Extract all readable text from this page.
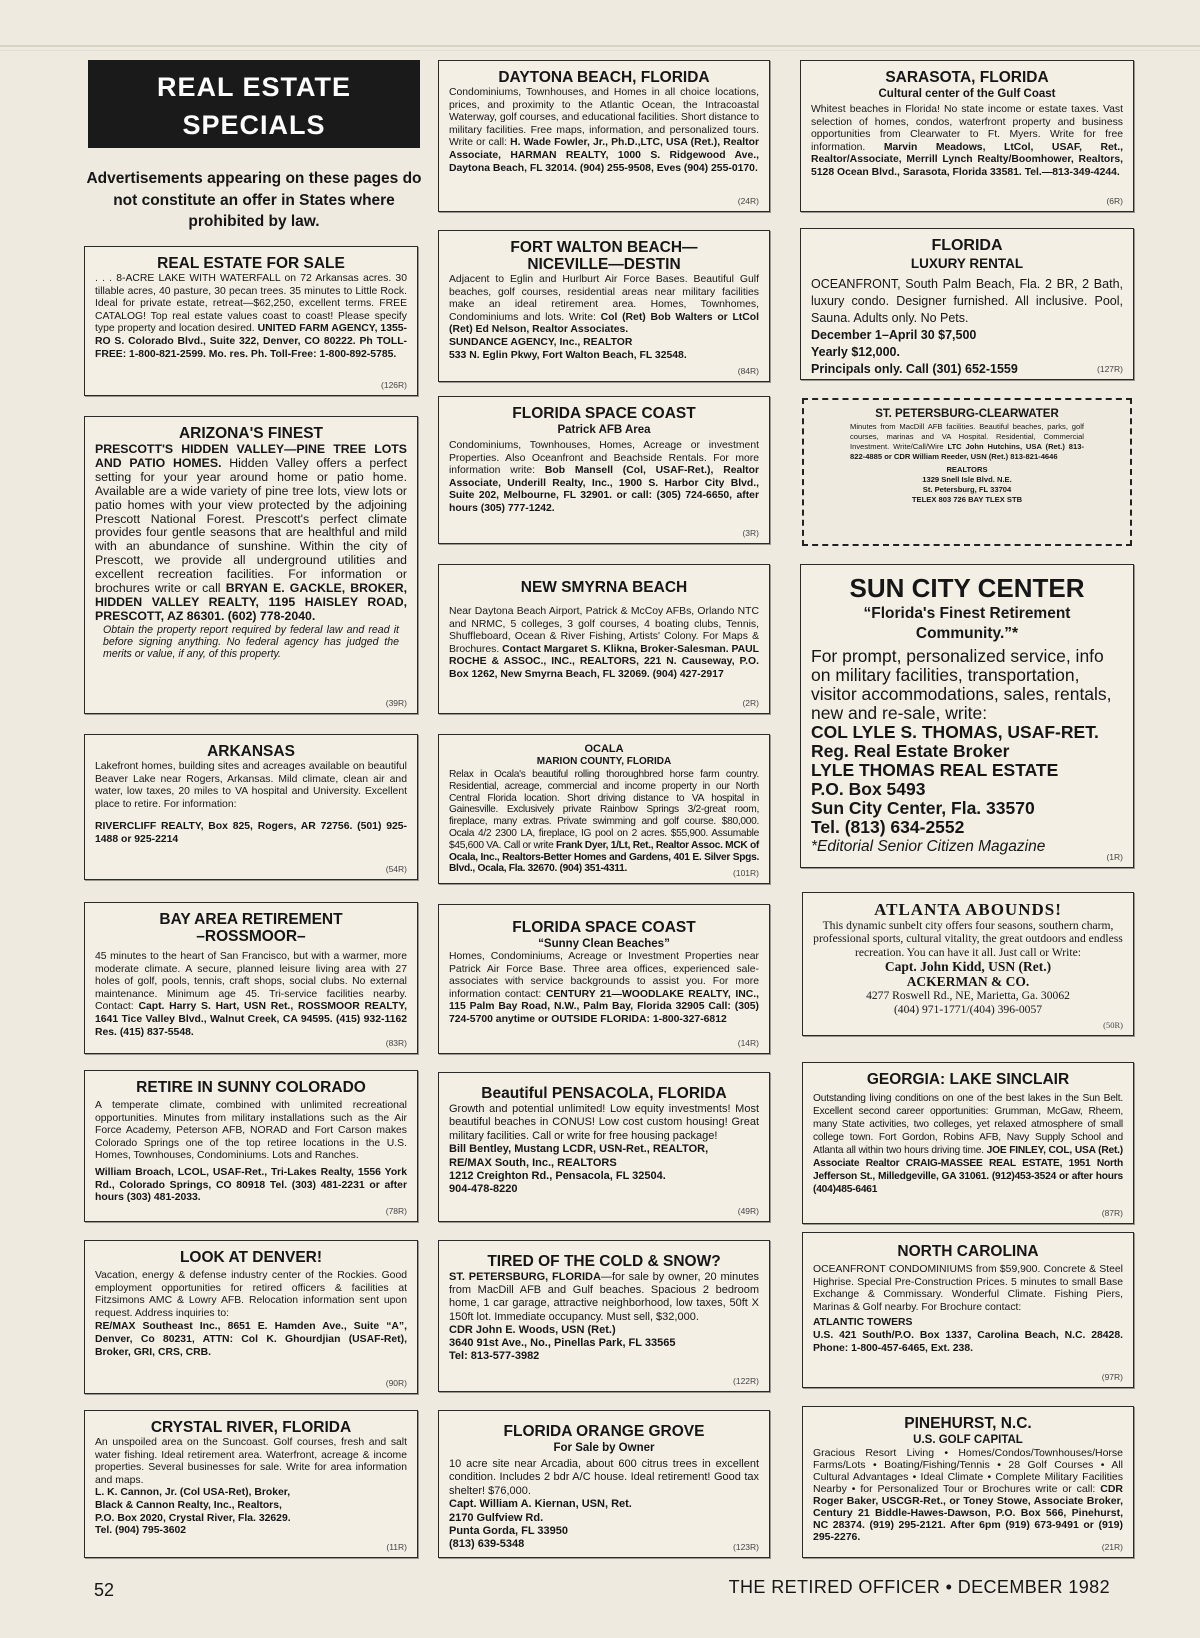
REAL ESTATE
SPECIALS
Advertisements appearing on these pages do not constitute an offer in States where prohibited by law.
REAL ESTATE FOR SALE
. . . 8-ACRE LAKE WITH WATERFALL on 72 Arkansas acres. 30 tillable acres, 40 pasture, 30 pecan trees. 35 minutes to Little Rock. Ideal for private estate, retreat—$62,250, excellent terms. FREE CATALOG! Top real estate values coast to coast! Please specify type property and location desired. UNITED FARM AGENCY, 1355-RO S. Colorado Blvd., Suite 322, Denver, CO 80222. Ph TOLL-FREE: 1-800-821-2599. Mo. res. Ph. Toll-Free: 1-800-892-5785.
(126R)
ARIZONA'S FINEST
PRESCOTT'S HIDDEN VALLEY—PINE TREE LOTS AND PATIO HOMES. Hidden Valley offers a perfect setting for your year around home or patio home. Available are a wide variety of pine tree lots, view lots or patio homes with your view protected by the adjoining Prescott National Forest. Prescott's perfect climate provides four gentle seasons that are healthful and mild with an abundance of sunshine. Within the city of Prescott, we provide all underground utilities and excellent recreation facilities. For information or brochures write or call BRYAN E. GACKLE, BROKER, HIDDEN VALLEY REALTY, 1195 HAISLEY ROAD, PRESCOTT, AZ 86301. (602) 778-2040.
Obtain the property report required by federal law and read it before signing anything. No federal agency has judged the merits or value, if any, of this property.
(39R)
ARKANSAS
Lakefront homes, building sites and acreages available on beautiful Beaver Lake near Rogers, Arkansas. Mild climate, clean air and water, low taxes, 20 miles to VA hospital and University. Excellent place to retire. For information:
RIVERCLIFF REALTY, Box 825, Rogers, AR 72756. (501) 925-1488 or 925-2214
(54R)
BAY AREA RETIREMENT
–ROSSMOOR–
45 minutes to the heart of San Francisco, but with a warmer, more moderate climate. A secure, planned leisure living area with 27 holes of golf, pools, tennis, craft shops, social clubs. No external maintenance. Minimum age 45. Tri-service facilities nearby. Contact: Capt. Harry S. Hart, USN Ret., ROSSMOOR REALTY, 1641 Tice Valley Blvd., Walnut Creek, CA 94595. (415) 932-1162 Res. (415) 837-5548.
(83R)
RETIRE IN SUNNY COLORADO
A temperate climate, combined with unlimited recreational opportunities. Minutes from military installations such as the Air Force Academy, Peterson AFB, NORAD and Fort Carson makes Colorado Springs one of the top retiree locations in the U.S. Homes, Townhouses, Condominiums. Lots and Ranches.
William Broach, LCOL, USAF-Ret., Tri-Lakes Realty, 1556 York Rd., Colorado Springs, CO 80918 Tel. (303) 481-2231 or after hours (303) 481-2033.
(78R)
LOOK AT DENVER!
Vacation, energy & defense industry center of the Rockies. Good employment opportunities for retired officers & facilities at Fitzsimons AMC & Lowry AFB. Relocation information sent upon request. Address inquiries to:
RE/MAX Southeast Inc., 8651 E. Hamden Ave., Suite “A”, Denver, Co 80231, ATTN: Col K. Ghourdjian (USAF-Ret), Broker, GRI, CRS, CRB.
(90R)
CRYSTAL RIVER, FLORIDA
An unspoiled area on the Suncoast. Golf courses, fresh and salt water fishing. Ideal retirement area. Waterfront, acreage & income properties. Several businesses for sale. Write for area information and maps.
L. K. Cannon, Jr. (Col USA-Ret), Broker,
Black & Cannon Realty, Inc., Realtors,
P.O. Box 2020, Crystal River, Fla. 32629.
Tel. (904) 795-3602
(11R)
DAYTONA BEACH, FLORIDA
Condominiums, Townhouses, and Homes in all choice locations, prices, and proximity to the Atlantic Ocean, the Intracoastal Waterway, golf courses, and educational facilities. Short distance to military facilities. Free maps, information, and personalized tours. Write or call: H. Wade Fowler, Jr., Ph.D.,LTC, USA (Ret.), Realtor Associate, HARMAN REALTY, 1000 S. Ridgewood Ave., Daytona Beach, FL 32014. (904) 255-9508, Eves (904) 255-0170.
(24R)
FORT WALTON BEACH—
NICEVILLE—DESTIN
Adjacent to Eglin and Hurlburt Air Force Bases. Beautiful Gulf beaches, golf courses, residential areas near military facilities make an ideal retirement area. Homes, Townhomes, Condominiums and lots. Write: Col (Ret) Bob Walters or LtCol (Ret) Ed Nelson, Realtor Associates.
SUNDANCE AGENCY, Inc., REALTOR
533 N. Eglin Pkwy, Fort Walton Beach, FL 32548.
(84R)
FLORIDA SPACE COAST
Patrick AFB Area
Condominiums, Townhouses, Homes, Acreage or investment Properties. Also Oceanfront and Beachside Rentals. For more information write: Bob Mansell (Col, USAF-Ret.), Realtor Associate, Underill Realty, Inc., 1900 S. Harbor City Blvd., Suite 202, Melbourne, FL 32901. or call: (305) 724-6650, after hours (305) 777-1242.
(3R)
NEW SMYRNA BEACH
Near Daytona Beach Airport, Patrick & McCoy AFBs, Orlando NTC and NRMC, 5 colleges, 3 golf courses, 4 boating clubs, Tennis, Shuffleboard, Ocean & River Fishing, Artists' Colony. For Maps & Brochures. Contact Margaret S. Klikna, Broker-Salesman. PAUL ROCHE & ASSOC., INC., REALTORS, 221 N. Causeway, P.O. Box 1262, New Smyrna Beach, FL 32069. (904) 427-2917
(2R)
OCALA
MARION COUNTY, FLORIDA
Relax in Ocala's beautiful rolling thoroughbred horse farm country. Residential, acreage, commercial and income property in our North Central Florida location. Short driving distance to VA hospital in Gainesville. Exclusively private Rainbow Springs 3/2-great room, fireplace, many extras. Private swimming and golf course. $80,000. Ocala 4/2 2300 LA, fireplace, IG pool on 2 acres. $55,900. Assumable $45,600 VA. Call or write Frank Dyer, 1/Lt, Ret., Realtor Assoc. MCK of Ocala, Inc., Realtors-Better Homes and Gardens, 401 E. Silver Spgs. Blvd., Ocala, Fla. 32670. (904) 351-4311.	(101R)
FLORIDA SPACE COAST
“Sunny Clean Beaches”
Homes, Condominiums, Acreage or Investment Properties near Patrick Air Force Base. Three area offices, experienced sale-associates with service backgrounds to assist you. For more information contact: CENTURY 21—WOODLAKE REALTY, INC., 115 Palm Bay Road, N.W., Palm Bay, Florida 32905 Call: (305) 724-5700 anytime or OUTSIDE FLORIDA: 1-800-327-6812
(14R)
Beautiful PENSACOLA, FLORIDA
Growth and potential unlimited! Low equity investments! Most beautiful beaches in CONUS! Low cost custom housing! Great military facilities. Call or write for free housing package!
Bill Bentley, Mustang LCDR, USN-Ret., REALTOR,
RE/MAX South, Inc., REALTORS
1212 Creighton Rd., Pensacola, FL 32504.
904-478-8220
(49R)
TIRED OF THE COLD & SNOW?
ST. PETERSBURG, FLORIDA—for sale by owner, 20 minutes from MacDill AFB and Gulf beaches. Spacious 2 bedroom home, 1 car garage, attractive neighborhood, low taxes, 50ft X 150ft lot. Immediate occupancy. Must sell, $32,000.
CDR John E. Woods, USN (Ret.)
3640 91st Ave., No., Pinellas Park, FL 33565
Tel: 813-577-3982
(122R)
FLORIDA ORANGE GROVE
For Sale by Owner
10 acre site near Arcadia, about 600 citrus trees in excellent condition. Includes 2 bdr A/C house. Ideal retirement! Good tax shelter! $76,000.
Capt. William A. Kiernan, USN, Ret.
2170 Gulfview Rd.
Punta Gorda, FL 33950
(813) 639-5348	(123R)
SARASOTA, FLORIDA
Cultural center of the Gulf Coast
Whitest beaches in Florida! No state income or estate taxes. Vast selection of homes, condos, waterfront property and business opportunities from Clearwater to Ft. Myers. Write for free information. Marvin Meadows, LtCol, USAF, Ret., Realtor/Associate, Merrill Lynch Realty/Boomhower, Realtors, 5128 Ocean Blvd., Sarasota, Florida 33581. Tel.—813-349-4244.
(6R)
FLORIDA
LUXURY RENTAL
OCEANFRONT, South Palm Beach, Fla. 2 BR, 2 Bath, luxury condo. Designer furnished. All inclusive. Pool, Sauna. Adults only. No Pets.
December 1–April 30 $7,500
Yearly $12,000.
Principals only. Call (301) 652-1559	(127R)
ST. PETERSBURG-CLEARWATER
Minutes from MacDill AFB facilities. Beautiful beaches, parks, golf courses, marinas and VA Hospital. Residential, Commercial Investment. Write/Call/Wire LTC John Hutchins, USA (Ret.) 813-822-4885 or CDR William Reeder, USN (Ret.) 813-821-4646
REALTORS
1329 Snell Isle Blvd. N.E.
St. Petersburg, FL 33704
TELEX 803 726 BAY TLEX STB
SUN CITY CENTER
“Florida's Finest Retirement Community.”*
For prompt, personalized service, info on military facilities, transportation, visitor accommodations, sales, rentals, new and re-sale, write:
COL LYLE S. THOMAS, USAF-RET.
Reg. Real Estate Broker
LYLE THOMAS REAL ESTATE
P.O. Box 5493
Sun City Center, Fla. 33570
Tel. (813) 634-2552
*Editorial Senior Citizen Magazine
(1R)
ATLANTA ABOUNDS!
This dynamic sunbelt city offers four seasons, southern charm, professional sports, cultural vitality, the great outdoors and endless recreation. You can have it all. Just call or Write:
Capt. John Kidd, USN (Ret.)
ACKERMAN & CO.
4277 Roswell Rd., NE, Marietta, Ga. 30062
(404) 971-1771/(404) 396-0057
(50R)
GEORGIA: LAKE SINCLAIR
Outstanding living conditions on one of the best lakes in the Sun Belt. Excellent second career opportunities: Grumman, McGaw, Rheem, many State activities, two colleges, yet relaxed atmosphere of small college town. Fort Gordon, Robins AFB, Navy Supply School and Atlanta all within two hours driving time. JOE FINLEY, COL, USA (Ret.) Associate Realtor CRAIG-MASSEE REAL ESTATE, 1951 North Jefferson St., Milledgeville, GA 31061. (912)453-3524 or after hours (404)485-6461
(87R)
NORTH CAROLINA
OCEANFRONT CONDOMINIUMS from $59,900. Concrete & Steel Highrise. Special Pre-Construction Prices. 5 minutes to small Base Exchange & Commissary. Wonderful Climate. Fishing Piers, Marinas & Golf nearby. For Brochure contact:
ATLANTIC TOWERS
U.S. 421 South/P.O. Box 1337, Carolina Beach, N.C. 28428. Phone: 1-800-457-6465, Ext. 238.
(97R)
PINEHURST, N.C.
U.S. GOLF CAPITAL
Gracious Resort Living • Homes/Condos/Townhouses/Horse Farms/Lots • Boating/Fishing/Tennis • 28 Golf Courses • All Cultural Advantages • Ideal Climate • Complete Military Facilities Nearby • for Personalized Tour or Brochures write or call: CDR Roger Baker, USCGR-Ret., or Toney Stowe, Associate Broker, Century 21 Biddle-Hawes-Dawson, P.O. Box 566, Pinehurst, NC 28374. (919) 295-2121. After 6pm (919) 673-9491 or (919) 295-2276.
(21R)
52	THE RETIRED OFFICER • DECEMBER 1982
